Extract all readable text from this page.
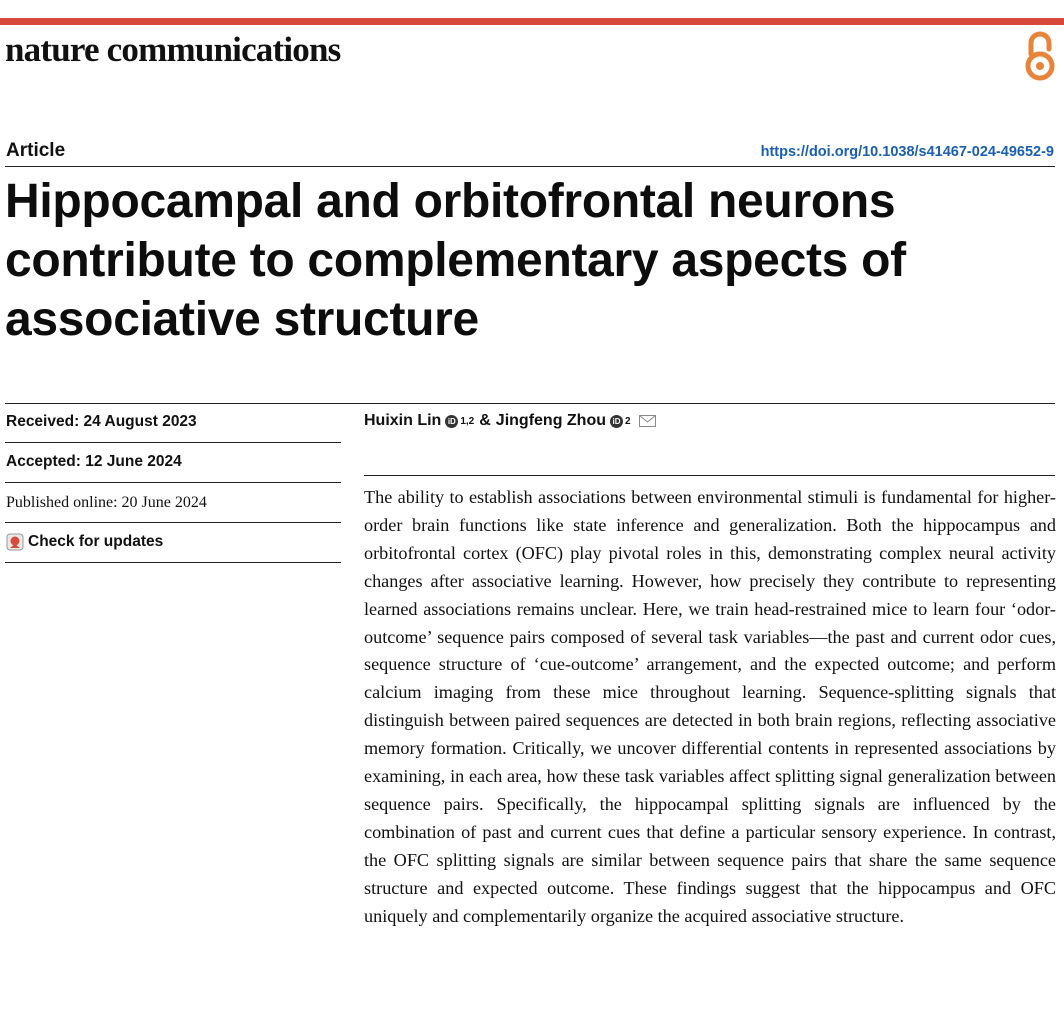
nature communications
Article	https://doi.org/10.1038/s41467-024-49652-9
Hippocampal and orbitofrontal neurons contribute to complementary aspects of associative structure
Received: 24 August 2023
Accepted: 12 June 2024
Published online: 20 June 2024
Check for updates
Huixin Lin iD 1,2 & Jingfeng Zhou iD 2

The ability to establish associations between environmental stimuli is fundamental for higher-order brain functions like state inference and generalization. Both the hippocampus and orbitofrontal cortex (OFC) play pivotal roles in this, demonstrating complex neural activity changes after associative learning. However, how precisely they contribute to representing learned associations remains unclear. Here, we train head-restrained mice to learn four ‘odor-outcome’ sequence pairs composed of several task variables—the past and current odor cues, sequence structure of ‘cue-outcome’ arrangement, and the expected outcome; and perform calcium imaging from these mice throughout learning. Sequence-splitting signals that distinguish between paired sequences are detected in both brain regions, reflecting associative memory formation. Critically, we uncover differential contents in represented associations by examining, in each area, how these task variables affect splitting signal generalization between sequence pairs. Specifically, the hippocampal splitting signals are influenced by the combination of past and current cues that define a particular sensory experience. In contrast, the OFC splitting signals are similar between sequence pairs that share the same sequence structure and expected outcome. These findings suggest that the hippocampus and OFC uniquely and complementarily organize the acquired associative structure.
